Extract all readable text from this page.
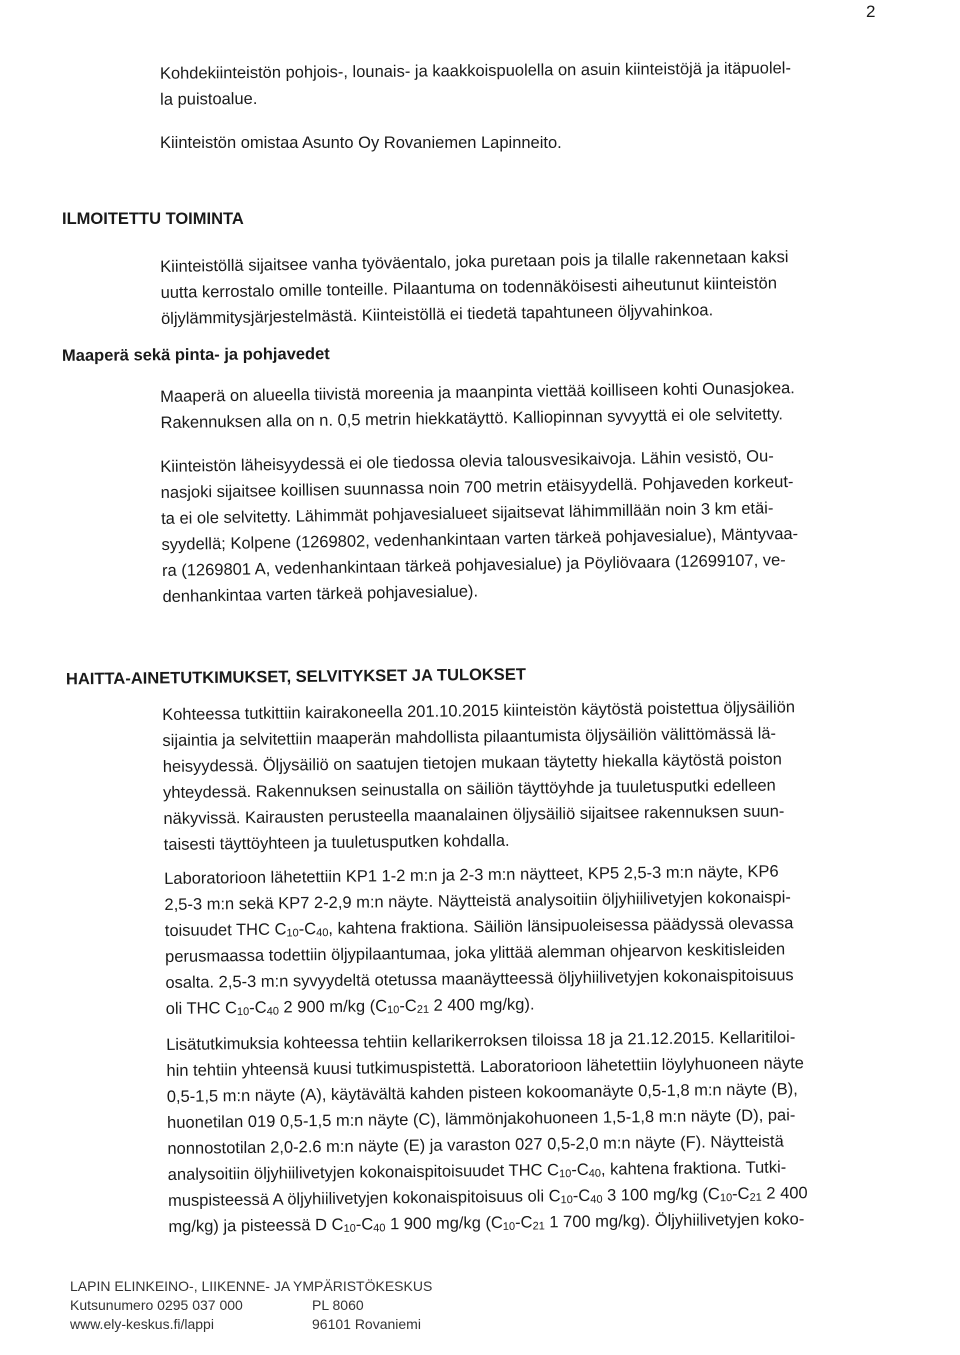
2

Kohdekiinteistön pohjois-, lounais- ja kaakkoispuolella on asuin kiinteistöjä ja itäpuolel-
la puistoalue.

Kiinteistön omistaa Asunto Oy Rovaniemen Lapinneito.

ILMOITETTU TOIMINTA

Kiinteistöllä sijaitsee vanha työväentalo, joka puretaan pois ja tilalle rakennetaan kaksi
uutta kerrostalo omille tonteille. Pilaantuma on todennäköisesti aiheutunut kiinteistön
öljylämmitysjärjestelmästä. Kiinteistöllä ei tiedetä tapahtuneen öljyvahinkoa.

Maaperä sekä pinta- ja pohjavedet

Maaperä on alueella tiivistä moreenia ja maanpinta viettää koilliseen kohti Ounasjokea.
Rakennuksen alla on n. 0,5 metrin hiekkatäyttö. Kalliopinnan syvyyttä ei ole selvitetty.

Kiinteistön läheisyydessä ei ole tiedossa olevia talousvesikaivoja. Lähin vesistö, Ou-
nasjoki sijaitsee koillisen suunnassa noin 700 metrin etäisyydellä. Pohjaveden korkeut-
ta ei ole selvitetty. Lähimmät pohjavesialueet sijaitsevat lähimmillään noin 3 km etäi-
syydellä; Kolpene (1269802, vedenhankintaan varten tärkeä pohjavesialue), Mäntyvaa-
ra (1269801 A, vedenhankintaan tärkeä pohjavesialue) ja Pöyliövaara (12699107, ve-
denhankintaa varten tärkeä pohjavesialue).

HAITTA-AINETUTKIMUKSET, SELVITYKSET JA TULOKSET

Kohteessa tutkittiin kairakoneella 201.10.2015 kiinteistön käytöstä poistettua öljysäiliön
sijaintia ja selvitettiin maaperän mahdollista pilaantumista öljysäiliön välittömässä lä-
heisyydessä. Öljysäiliö on saatujen tietojen mukaan täytetty hiekalla käytöstä poiston
yhteydessä. Rakennuksen seinustalla on säiliön täyttöyhde ja tuuletusputki edelleen
näkyvissä. Kairausten perusteella maanalainen öljysäiliö sijaitsee rakennuksen suun-
taisesti täyttöyhteen ja tuuletusputken kohdalla.

Laboratorioon lähetettiin KP1 1-2 m:n ja 2-3 m:n näytteet, KP5 2,5-3 m:n näyte, KP6
2,5-3 m:n sekä KP7 2-2,9 m:n näyte. Näytteistä analysoitiin öljyhiilivetyjen kokonaispi-
toisuudet THC $C_{10}-C_{40}$, kahtena fraktiona. Säiliön länsipuoleisessa päädyssä olevassa
perusmaassa todettiin öljypilaantumaa, joka ylittää alemman ohjearvon keskitisleiden
osalta. 2,5-3 m:n syvyydeltä otetussa maanäytteessä öljyhiilivetyjen kokonaispitoisuus
oli THC $C_{10}-C_{40}$ 2 900 m/kg ($C_{10}-C_{21}$ 2 400 mg/kg).

Lisätutkimuksia kohteessa tehtiin kellarikerroksen tiloissa 18 ja 21.12.2015. Kellaritiloi-
hin tehtiin yhteensä kuusi tutkimuspistettä. Laboratorioon lähetettiin löylyhuoneen näyte
0,5-1,5 m:n näyte (A), käytävältä kahden pisteen kokoomanäyte 0,5-1,8 m:n näyte (B),
huonetilan 019 0,5-1,5 m:n näyte (C), lämmönjakohuoneen 1,5-1,8 m:n näyte (D), pai-
nonnostotilan 2,0-2.6 m:n näyte (E) ja varaston 027 0,5-2,0 m:n näyte (F). Näytteistä
analysoitiin öljyhiilivetyjen kokonaispitoisuudet THC $C_{10}-C_{40}$, kahtena fraktiona. Tutki-
muspisteessä A öljyhiilivetyjen kokonaispitoisuus oli $C_{10}-C_{40}$ 3 100 mg/kg ($C_{10}-C_{21}$ 2 400
mg/kg) ja pisteessä D $C_{10}-C_{40}$ 1 900 mg/kg ($C_{10}-C_{21}$ 1 700 mg/kg). Öljyhiilivetyjen koko-

LAPIN ELINKEINO-, LIIKENNE- JA YMPÄRISTÖKESKUS
Kutsunumero 0295 037 000	PL 8060
www.ely-keskus.fi/lappi	96101 Rovaniemi
